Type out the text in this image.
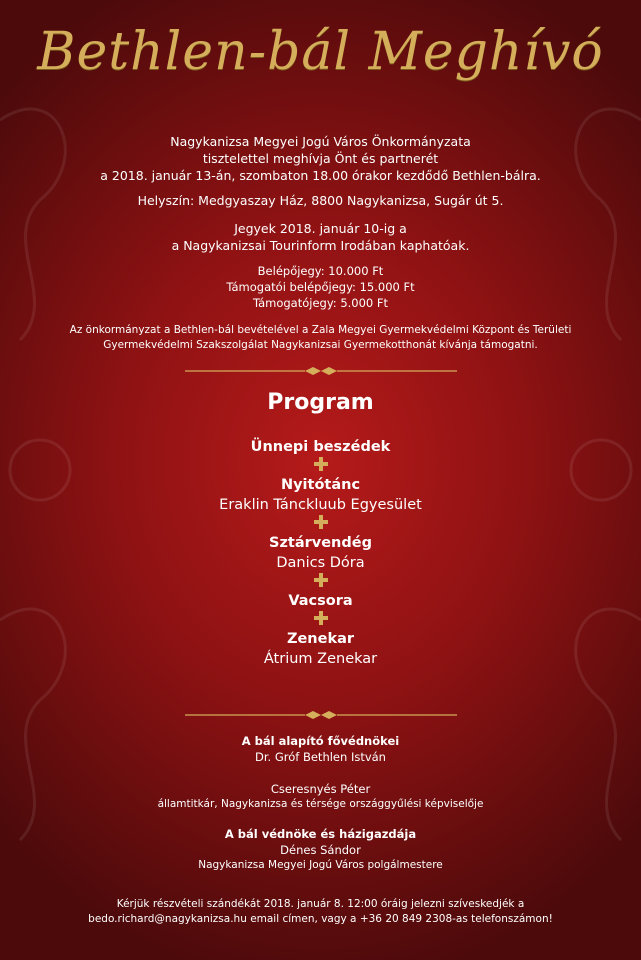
Bethlen-bál Meghívó
Nagykanizsa Megyei Jogú Város Önkormányzata
tisztelettel meghívja Önt és partnerét
a 2018. január 13-án, szombaton 18.00 órakor kezdődő Bethlen-bálra.
Helyszín: Medgyaszay Ház, 8800 Nagykanizsa, Sugár út 5.
Jegyek 2018. január 10-ig a
a Nagykanizsai Tourinform Irodában kaphatóak.
Belépőjegy: 10.000 Ft
Támogatói belépőjegy: 15.000 Ft
Támogatójegy: 5.000 Ft
Az önkormányzat a Bethlen-bál bevételével a Zala Megyei Gyermekvédelmi Központ és Területi
Gyermekvédelmi Szakszolgálat Nagykanizsai Gyermekotthonát kívánja támogatni.
Program
Ünnepi beszédek
Nyitótánc
Eraklin Tánckluub Egyesület
Sztárvendég
Danics Dóra
Vacsora
Zenekar
Átrium Zenekar
A bál alapító fővédnökei
Dr. Gróf Bethlen István
Cseresnyés Péter
államtitkár, Nagykanizsa és térsége országgyűlési képviselője
A bál védnöke és házigazdája
Dénes Sándor
Nagykanizsa Megyei Jogú Város polgálmestere
Kérjük részvételi szándékát 2018. január 8. 12:00 óráig jelezni szíveskedjék a
bedo.richard@nagykanizsa.hu email címen, vagy a +36 20 849 2308-as telefonszámon!
